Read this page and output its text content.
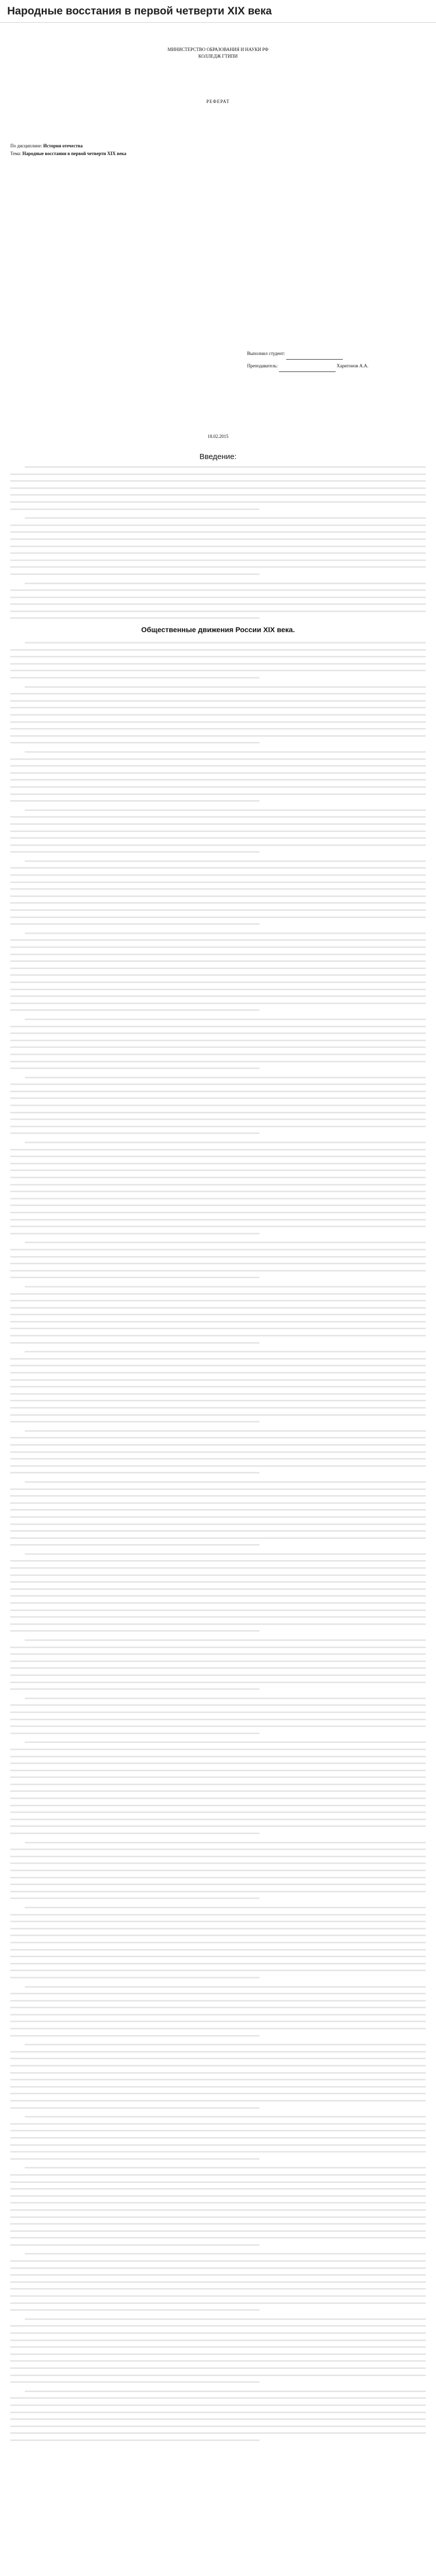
Народные восстания в первой четверти XIX века
МИНИСТЕРСТВО ОБРАЗОВАНИЯ И НАУКИ РФ
КОЛЛЕДЖ ГТИПИ
РЕФЕРАТ
По дисциплине: История отечества
Тема: Народные восстания в первой четверти XIX века
Выполнил студент:
Преподаватель:	Харитонов А.А.
18.02.2015
Введение:
Общественные движения России XIX века.
